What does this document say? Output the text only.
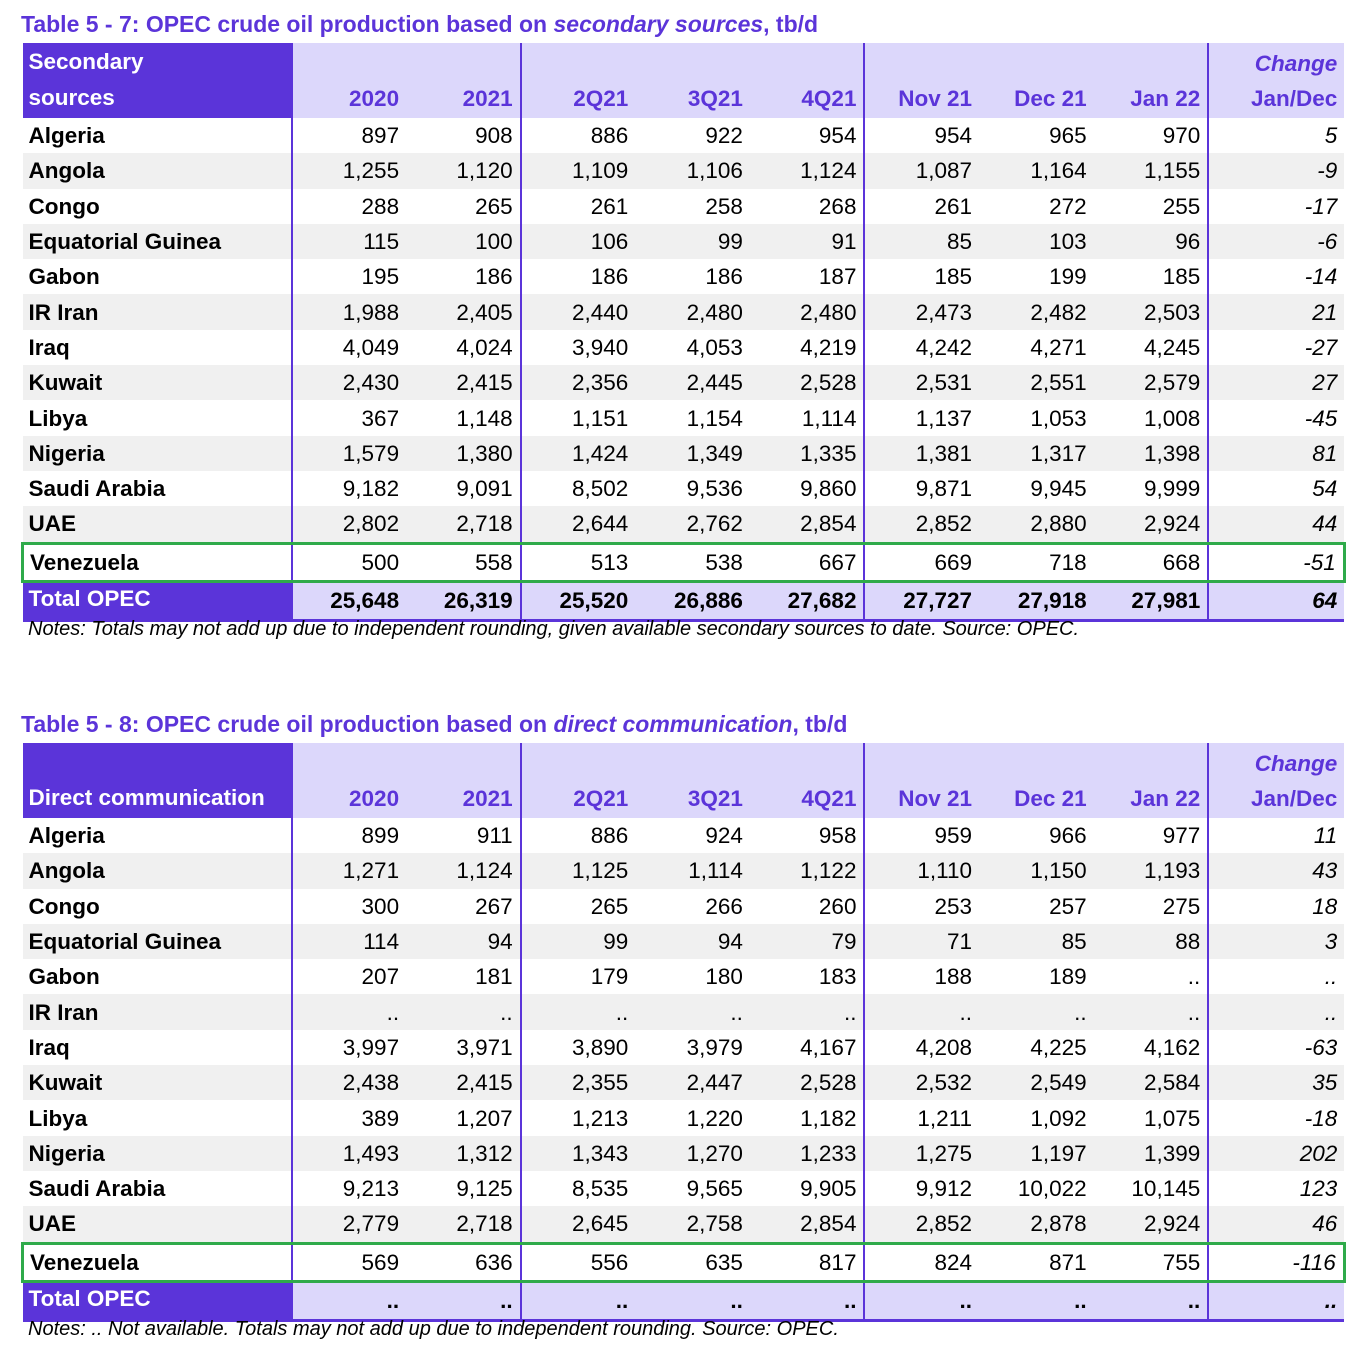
Table 5 - 7: OPEC crude oil production based on secondary sources, tb/d
Secondary
sources	2020	2021	2Q21	3Q21	4Q21	Nov 21	Dec 21	Jan 22	Change
Jan/Dec
Algeria	897	908	886	922	954	954	965	970	5
Angola	1,255	1,120	1,109	1,106	1,124	1,087	1,164	1,155	-9
Congo	288	265	261	258	268	261	272	255	-17
Equatorial Guinea	115	100	106	99	91	85	103	96	-6
Gabon	195	186	186	186	187	185	199	185	-14
IR Iran	1,988	2,405	2,440	2,480	2,480	2,473	2,482	2,503	21
Iraq	4,049	4,024	3,940	4,053	4,219	4,242	4,271	4,245	-27
Kuwait	2,430	2,415	2,356	2,445	2,528	2,531	2,551	2,579	27
Libya	367	1,148	1,151	1,154	1,114	1,137	1,053	1,008	-45
Nigeria	1,579	1,380	1,424	1,349	1,335	1,381	1,317	1,398	81
Saudi Arabia	9,182	9,091	8,502	9,536	9,860	9,871	9,945	9,999	54
UAE	2,802	2,718	2,644	2,762	2,854	2,852	2,880	2,924	44
Venezuela	500	558	513	538	667	669	718	668	-51
Total OPEC	25,648	26,319	25,520	26,886	27,682	27,727	27,918	27,981	64
Notes: Totals may not add up due to independent rounding, given available secondary sources to date. Source: OPEC.
Table 5 - 8: OPEC crude oil production based on direct communication, tb/d

Direct communication	2020	2021	2Q21	3Q21	4Q21	Nov 21	Dec 21	Jan 22	Change
Jan/Dec
Algeria	899	911	886	924	958	959	966	977	11
Angola	1,271	1,124	1,125	1,114	1,122	1,110	1,150	1,193	43
Congo	300	267	265	266	260	253	257	275	18
Equatorial Guinea	114	94	99	94	79	71	85	88	3
Gabon	207	181	179	180	183	188	189	..	..
IR Iran	..	..	..	..	..	..	..	..	..
Iraq	3,997	3,971	3,890	3,979	4,167	4,208	4,225	4,162	-63
Kuwait	2,438	2,415	2,355	2,447	2,528	2,532	2,549	2,584	35
Libya	389	1,207	1,213	1,220	1,182	1,211	1,092	1,075	-18
Nigeria	1,493	1,312	1,343	1,270	1,233	1,275	1,197	1,399	202
Saudi Arabia	9,213	9,125	8,535	9,565	9,905	9,912	10,022	10,145	123
UAE	2,779	2,718	2,645	2,758	2,854	2,852	2,878	2,924	46
Venezuela	569	636	556	635	817	824	871	755	-116
Total OPEC	..	..	..	..	..	..	..	..	..
Notes: .. Not available. Totals may not add up due to independent rounding. Source: OPEC.
